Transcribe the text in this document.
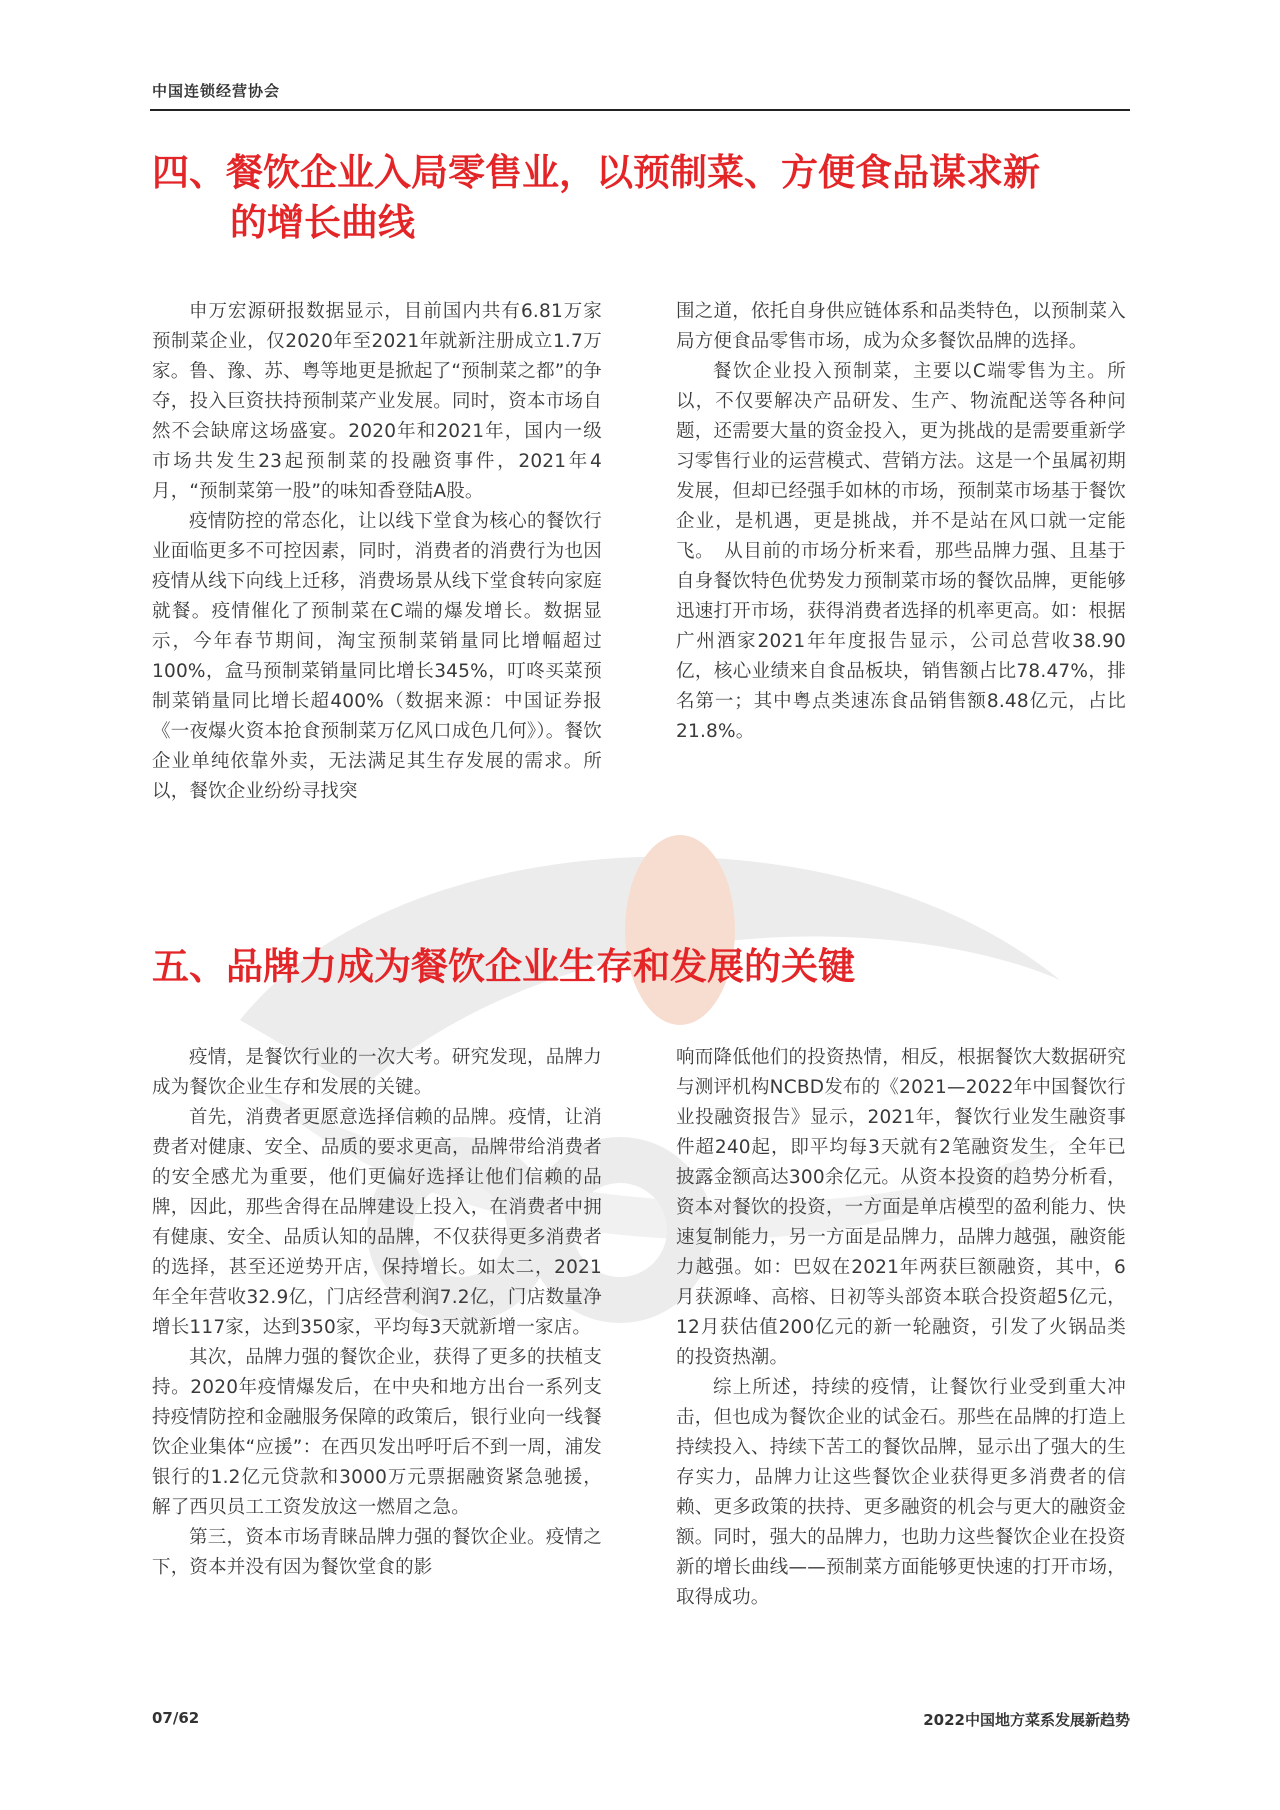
中国连锁经营协会
四、餐饮企业入局零售业，以预制菜、方便食品谋求新
的增长曲线

申万宏源研报数据显示，目前国内共有6.81万家预制菜企业，仅2020年至2021年就新注册成立1.7万家。鲁、豫、苏、粤等地更是掀起了“预制菜之都”的争夺，投入巨资扶持预制菜产业发展。同时，资本市场自然不会缺席这场盛宴。2020年和2021年，国内一级市场共发生23起预制菜的投融资事件，2021年4月，“预制菜第一股”的味知香登陆A股。

疫情防控的常态化，让以线下堂食为核心的餐饮行业面临更多不可控因素，同时，消费者的消费行为也因疫情从线下向线上迁移，消费场景从线下堂食转向家庭就餐。疫情催化了预制菜在C端的爆发增长。数据显示，今年春节期间，淘宝预制菜销量同比增幅超过100%，盒马预制菜销量同比增长345%，叮咚买菜预制菜销量同比增长超400%（数据来源：中国证券报《一夜爆火资本抢食预制菜万亿风口成色几何》）。餐饮企业单纯依靠外卖，无法满足其生存发展的需求。所以，餐饮企业纷纷寻找突

围之道，依托自身供应链体系和品类特色，以预制菜入局方便食品零售市场，成为众多餐饮品牌的选择。

餐饮企业投入预制菜，主要以C端零售为主。所以，不仅要解决产品研发、生产、物流配送等各种问题，还需要大量的资金投入，更为挑战的是需要重新学习零售行业的运营模式、营销方法。这是一个虽属初期发展，但却已经强手如林的市场，预制菜市场基于餐饮企业，是机遇，更是挑战，并不是站在风口就一定能飞。　从目前的市场分析来看，那些品牌力强、且基于自身餐饮特色优势发力预制菜市场的餐饮品牌，更能够迅速打开市场，获得消费者选择的机率更高。如：根据广州酒家2021年年度报告显示，公司总营收38.90亿，核心业绩来自食品板块，销售额占比78.47%，排名第一；其中粤点类速冻食品销售额8.48亿元，占比21.8%。

五、品牌力成为餐饮企业生存和发展的关键

疫情，是餐饮行业的一次大考。研究发现，品牌力成为餐饮企业生存和发展的关键。

首先，消费者更愿意选择信赖的品牌。疫情，让消费者对健康、安全、品质的要求更高，品牌带给消费者的安全感尤为重要，他们更偏好选择让他们信赖的品牌，因此，那些舍得在品牌建设上投入，在消费者中拥有健康、安全、品质认知的品牌，不仅获得更多消费者的选择，甚至还逆势开店，保持增长。如太二，2021年全年营收32.9亿，门店经营利润7.2亿，门店数量净增长117家，达到350家，平均每3天就新增一家店。

其次，品牌力强的餐饮企业，获得了更多的扶植支持。2020年疫情爆发后，在中央和地方出台一系列支持疫情防控和金融服务保障的政策后，银行业向一线餐饮企业集体“应援”：在西贝发出呼吁后不到一周，浦发银行的1.2亿元贷款和3000万元票据融资紧急驰援，解了西贝员工工资发放这一燃眉之急。

第三，资本市场青睐品牌力强的餐饮企业。疫情之下，资本并没有因为餐饮堂食的影

响而降低他们的投资热情，相反，根据餐饮大数据研究与测评机构NCBD发布的《2021—2022年中国餐饮行业投融资报告》显示，2021年，餐饮行业发生融资事件超240起，即平均每3天就有2笔融资发生，全年已披露金额高达300余亿元。从资本投资的趋势分析看，资本对餐饮的投资，一方面是单店模型的盈利能力、快速复制能力，另一方面是品牌力，品牌力越强，融资能力越强。如：巴奴在2021年两获巨额融资，其中，6月获源峰、高榕、日初等头部资本联合投资超5亿元，12月获估值200亿元的新一轮融资，引发了火锅品类的投资热潮。

综上所述，持续的疫情，让餐饮行业受到重大冲击，但也成为餐饮企业的试金石。那些在品牌的打造上持续投入、持续下苦工的餐饮品牌，显示出了强大的生存实力，品牌力让这些餐饮企业获得更多消费者的信赖、更多政策的扶持、更多融资的机会与更大的融资金额。同时，强大的品牌力，也助力这些餐饮企业在投资新的增长曲线——预制菜方面能够更快速的打开市场，取得成功。

07/62	2022中国地方菜系发展新趋势
